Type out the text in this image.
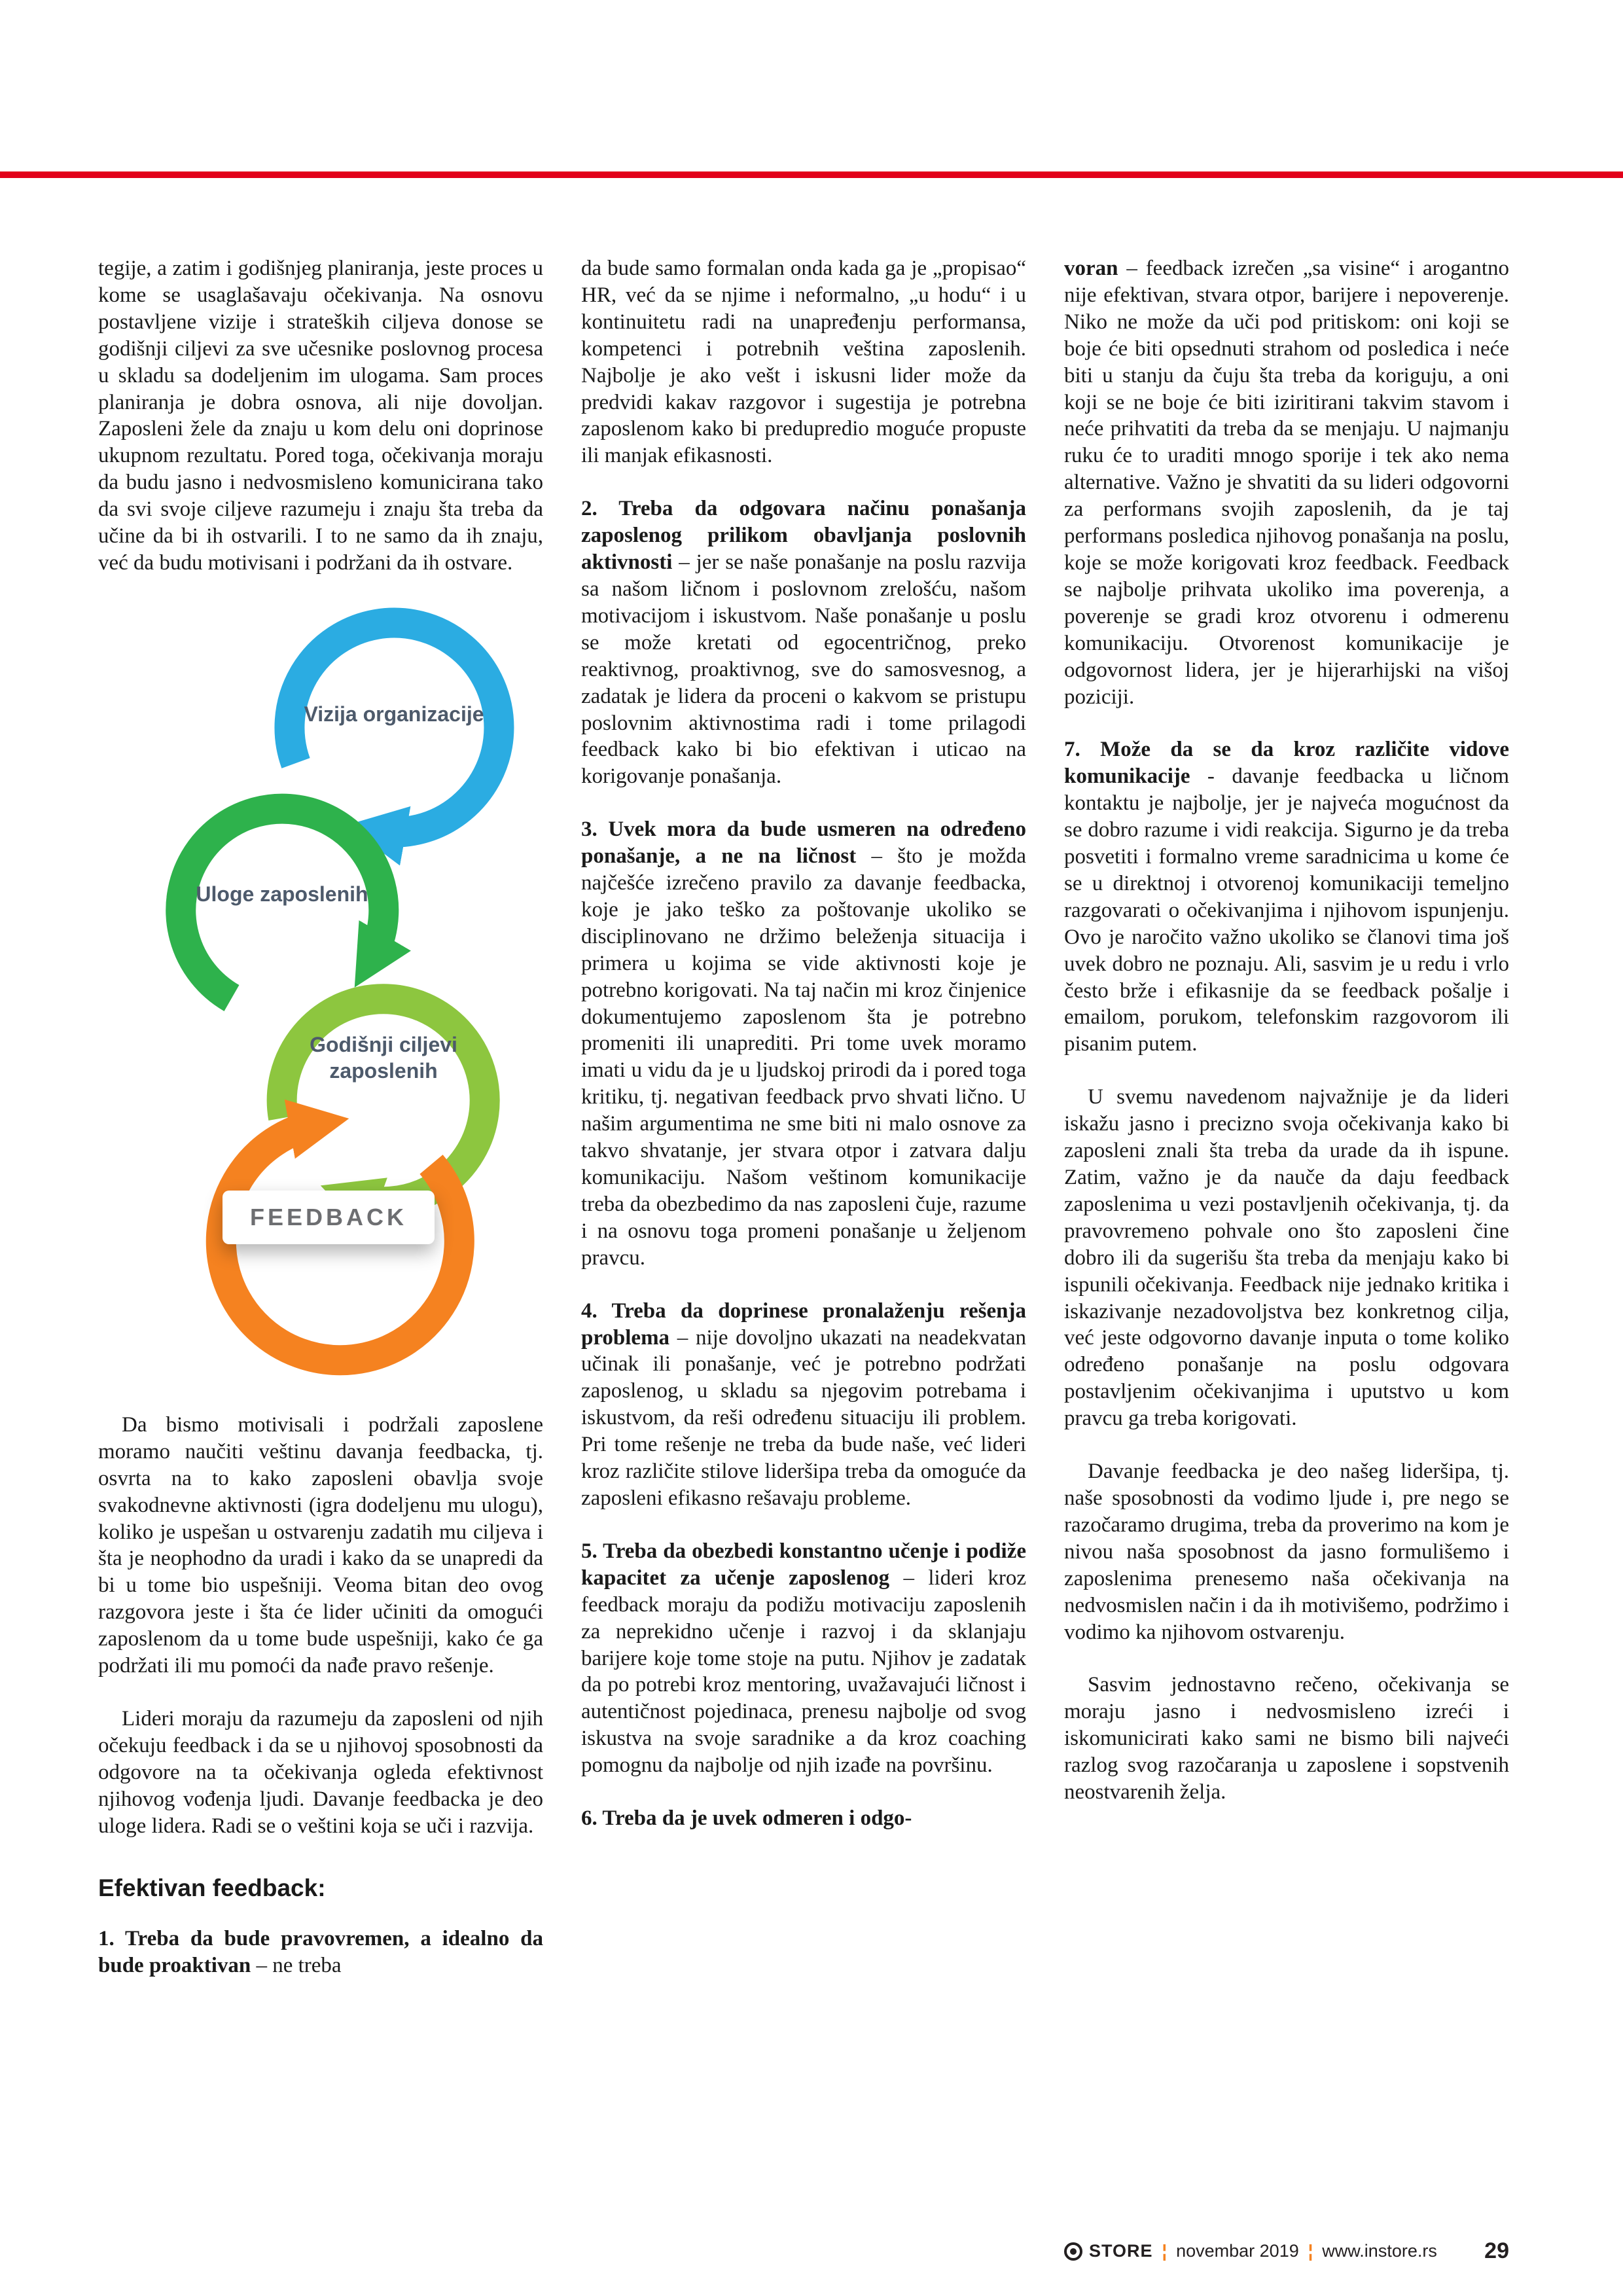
tegije, a zatim i godišnjeg planiranja, jeste proces u kome se usaglašavaju očekivanja. Na osnovu postavljene vizije i strateških ciljeva donose se godišnji ciljevi za sve učesnike poslovnog procesa u skladu sa dodeljenim im ulogama. Sam proces planiranja je dobra osnova, ali nije dovoljan. Zaposleni žele da znaju u kom delu oni doprinose ukupnom rezultatu. Pored toga, očekivanja moraju da budu jasno i nedvosmisleno komunicirana tako da svi svoje ciljeve razumeju i znaju šta treba da učine da bi ih ostvarili. I to ne samo da ih znaju, već da budu motivisani i podržani da ih ostvare.

Vizija organizacije
Uloge zaposlenih
Godišnji ciljevi zaposlenih
FEEDBACK

Da bismo motivisali i podržali zaposlene moramo naučiti veštinu davanja feedbacka, tj. osvrta na to kako zaposleni obavlja svoje svakodnevne aktivnosti (igra dodeljenu mu ulogu), koliko je uspešan u ostvarenju zadatih mu ciljeva i šta je neophodno da uradi i kako da se unapredi da bi u tome bio uspešniji. Veoma bitan deo ovog razgovora jeste i šta će lider učiniti da omogući zaposlenom da u tome bude uspešniji, kako će ga podržati ili mu pomoći da nađe pravo rešenje.

Lideri moraju da razumeju da zaposleni od njih očekuju feedback i da se u njihovoj sposobnosti da odgovore na ta očekivanja ogleda efektivnost njihovog vođenja ljudi. Davanje feedbacka je deo uloge lidera. Radi se o veštini koja se uči i razvija.

Efektivan feedback:

1. Treba da bude pravovremen, a idealno da bude proaktivan – ne treba

da bude samo formalan onda kada ga je „propisao“ HR, već da se njime i neformalno, „u hodu“ i u kontinuitetu radi na unapređenju performansa, kompetenci i potrebnih veština zaposlenih. Najbolje je ako vešt i iskusni lider može da predvidi kakav razgovor i sugestija je potrebna zaposlenom kako bi predupredio moguće propuste ili manjak efikasnosti.

2. Treba da odgovara načinu ponašanja zaposlenog prilikom obavljanja poslovnih aktivnosti – jer se naše ponašanje na poslu razvija sa našom ličnom i poslovnom zrelošću, našom motivacijom i iskustvom. Naše ponašanje u poslu se može kretati od egocentričnog, preko reaktivnog, proaktivnog, sve do samosvesnog, a zadatak je lidera da proceni o kakvom se pristupu poslovnim aktivnostima radi i tome prilagodi feedback kako bi bio efektivan i uticao na korigovanje ponašanja.

3. Uvek mora da bude usmeren na određeno ponašanje, a ne na ličnost – što je možda najčešće izrečeno pravilo za davanje feedbacka, koje je jako teško za poštovanje ukoliko se disciplinovano ne držimo beleženja situacija i primera u kojima se vide aktivnosti koje je potrebno korigovati. Na taj način mi kroz činjenice dokumentujemo zaposlenom šta je potrebno promeniti ili unaprediti. Pri tome uvek moramo imati u vidu da je u ljudskoj prirodi da i pored toga kritiku, tj. negativan feedback prvo shvati lično. U našim argumentima ne sme biti ni malo osnove za takvo shvatanje, jer stvara otpor i zatvara dalju komunikaciju. Našom veštinom komunikacije treba da obezbedimo da nas zaposleni čuje, razume i na osnovu toga promeni ponašanje u željenom pravcu.

4. Treba da doprinese pronalaženju rešenja problema – nije dovoljno ukazati na neadekvatan učinak ili ponašanje, već je potrebno podržati zaposlenog, u skladu sa njegovim potrebama i iskustvom, da reši određenu situaciju ili problem. Pri tome rešenje ne treba da bude naše, već lideri kroz različite stilove lideršipa treba da omoguće da zaposleni efikasno rešavaju probleme.

5. Treba da obezbedi konstantno učenje i podiže kapacitet za učenje zaposlenog – lideri kroz feedback moraju da podižu motivaciju zaposlenih za neprekidno učenje i razvoj i da sklanjaju barijere koje tome stoje na putu. Njihov je zadatak da po potrebi kroz mentoring, uvažavajući ličnost i autentičnost pojedinaca, prenesu najbolje od svog iskustva na svoje saradnike a da kroz coaching pomognu da najbolje od njih izađe na površinu.

6. Treba da je uvek odmeren i odgo-

voran – feedback izrečen „sa visine“ i arogantno nije efektivan, stvara otpor, barijere i nepoverenje. Niko ne može da uči pod pritiskom: oni koji se boje će biti opsednuti strahom od posledica i neće biti u stanju da čuju šta treba da koriguju, a oni koji se ne boje će biti iziritirani takvim stavom i neće prihvatiti da treba da se menjaju. U najmanju ruku će to uraditi mnogo sporije i tek ako nema alternative. Važno je shvatiti da su lideri odgovorni za performans svojih zaposlenih, da je taj performans posledica njihovog ponašanja na poslu, koje se može korigovati kroz feedback. Feedback se najbolje prihvata ukoliko ima poverenja, a poverenje se gradi kroz otvorenu i odmerenu komunikaciju. Otvorenost komunikacije je odgovornost lidera, jer je hijerarhijski na višoj poziciji.

7. Može da se da kroz različite vidove komunikacije - davanje feedbacka u ličnom kontaktu je najbolje, jer je najveća mogućnost da se dobro razume i vidi reakcija. Sigurno je da treba posvetiti i formalno vreme saradnicima u kome će se u direktnoj i otvorenoj komunikaciji temeljno razgovarati o očekivanjima i njihovom ispunjenju. Ovo je naročito važno ukoliko se članovi tima još uvek dobro ne poznaju. Ali, sasvim je u redu i vrlo često brže i efikasnije da se feedback pošalje i emailom, porukom, telefonskim razgovorom ili pisanim putem.

U svemu navedenom najvažnije je da lideri iskažu jasno i precizno svoja očekivanja kako bi zaposleni znali šta treba da urade da ih ispune. Zatim, važno je da nauče da daju feedback zaposlenima u vezi postavljenih očekivanja, tj. da pravovremeno pohvale ono što zaposleni čine dobro ili da sugerišu šta treba da menjaju kako bi ispunili očekivanja. Feedback nije jednako kritika i iskazivanje nezadovoljstva bez konkretnog cilja, već jeste odgovorno davanje inputa o tome koliko određeno ponašanje na poslu odgovara postavljenim očekivanjima i uputstvo u kom pravcu ga treba korigovati.

Davanje feedbacka je deo našeg lideršipa, tj. naše sposobnosti da vodimo ljude i, pre nego se razočaramo drugima, treba da proverimo na kom je nivou naša sposobnost da jasno formulišemo i zaposlenima prenesemo naša očekivanja na nedvosmislen način i da ih motivišemo, podržimo i vodimo ka njihovom ostvarenju.

Sasvim jednostavno rečeno, očekivanja se moraju jasno i nedvosmisleno izreći i iskomunicirati kako sami ne bismo bili najveći razlog svog razočaranja u zaposlene i sopstvenih neostvarenih želja.

STORE ¦ novembar 2019 ¦ www.instore.rs 29
